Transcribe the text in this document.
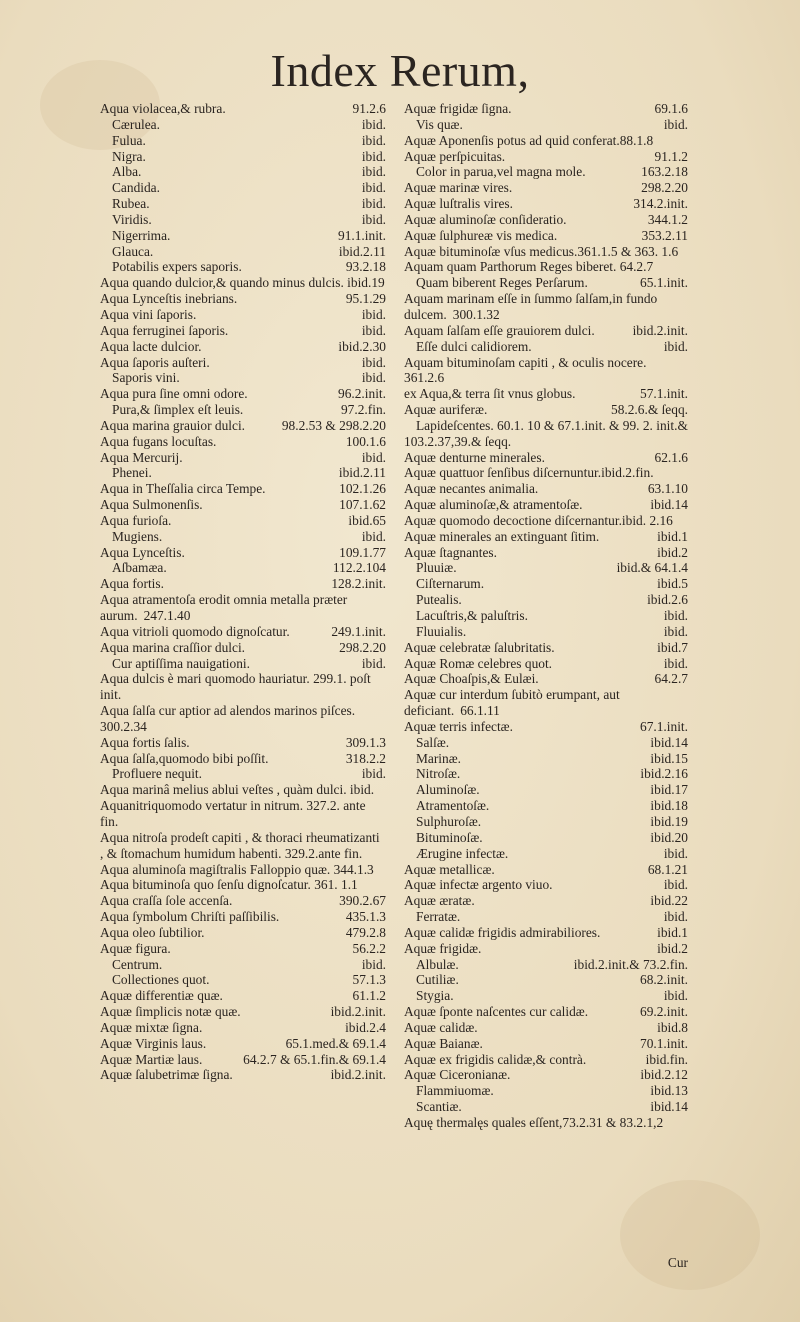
Index Rerum,
Aqua violacea,& rubra.	91.2.6
Cærulea.	ibid.
Fulua.	ibid.
Nigra.	ibid.
Alba.	ibid.
Candida.	ibid.
Rubea.	ibid.
Viridis.	ibid.
Nigerrima.	91.1.init.
Glauca.	ibid.2.11
Potabilis expers saporis.	93.2.18
Aqua quando dulcior,& quando minus dulcis. ibid.19
Aqua Lynceſtis inebrians.	95.1.29
Aqua vini ſaporis.	ibid.
Aqua ferruginei ſaporis.	ibid.
Aqua lacte dulcior.	ibid.2.30
Aqua ſaporis auſteri.	ibid.
Saporis vini.	ibid.
Aqua pura ſine omni odore.	96.2.init.
Pura,& ſimplex eſt leuis.	97.2.fin.
Aqua marina grauior dulci.	98.2.53 & 298.2.20
Aqua fugans locuſtas.	100.1.6
Aqua Mercurij.	ibid.
Phenei.	ibid.2.11
Aqua in Theſſalia circa Tempe.	102.1.26
Aqua Sulmonenſis.	107.1.62
Aqua furioſa.	ibid.65
Mugiens.	ibid.
Aqua Lynceſtis.	109.1.77
Aſbamæa.	112.2.104
Aqua fortis.	128.2.init.
Aqua atramentoſa erodit omnia metalla præter aurum. 247.1.40
Aqua vitrioli quomodo dignoſcatur.	249.1.init.
Aqua marina craſſior dulci.	298.2.20
Cur aptiſſima nauigationi.	ibid.
Aqua dulcis è mari quomodo hauriatur. 299.1. poſt init.
Aqua ſalſa cur aptior ad alendos marinos piſces. 300.2.34
Aqua fortis ſalis.	309.1.3
Aqua ſalſa,quomodo bibi poſſit.	318.2.2
Profluere nequit.	ibid.
Aqua marinâ melius ablui veſtes , quàm dulci. ibid.
Aquanitriquomodo vertatur in nitrum. 327.2. ante fin.
Aqua nitroſa prodeſt capiti , & thoraci rheumatizanti , & ſtomachum humidum habenti. 329.2.ante fin.
Aqua aluminoſa magiſtralis Falloppio quæ. 344.1.3
Aqua bituminoſa quo ſenſu dignoſcatur. 361. 1.1
Aqua craſſa ſole accenſa.	390.2.67
Aqua ſymbolum Chriſti paſſibilis.	435.1.3
Aqua oleo ſubtilior.	479.2.8
Aquæ figura.	56.2.2
Centrum.	ibid.
Collectiones quot.	57.1.3
Aquæ differentiæ quæ.	61.1.2
Aquæ ſimplicis notæ quæ.	ibid.2.init.
Aquæ mixtæ ſigna.	ibid.2.4
Aquæ Virginis laus.	65.1.med.& 69.1.4
Aquæ Martiæ laus.	64.2.7 & 65.1.fin.& 69.1.4
Aquæ ſalubetrimæ ſigna.	ibid.2.init.
Aquæ frigidæ ſigna.	69.1.6
Vis quæ.	ibid.
Aquæ Aponenſis potus ad quid conferat.88.1.8
Aquæ perſpicuitas.	91.1.2
Color in parua,vel magna mole.	163.2.18
Aquæ marinæ vires.	298.2.20
Aquæ luſtralis vires.	314.2.init.
Aquæ aluminoſæ conſideratio.	344.1.2
Aquæ ſulphureæ vis medica.	353.2.11
Aquæ bituminoſæ vſus medicus.361.1.5 & 363. 1.6
Aquam quam Parthorum Reges biberet. 64.2.7
Quam biberent Reges Perſarum.	65.1.init.
Aquam marinam eſſe in ſummo ſalſam,in fundo dulcem. 300.1.32
Aquam ſalſam eſſe grauiorem dulci.	ibid.2.init.
Eſſe dulci calidiorem.	ibid.
Aquam bituminoſam capiti , & oculis nocere. 361.2.6
ex Aqua,& terra ſit vnus globus.	57.1.init.
Aquæ auriferæ.	58.2.6.& ſeqq.
Lapideſcentes. 60.1. 10 & 67.1.init. & 99. 2. init.& 103.2.37,39.& ſeqq.
Aquæ denturne minerales.	62.1.6
Aquæ quattuor ſenſibus diſcernuntur.ibid.2.fin.
Aquæ necantes animalia.	63.1.10
Aquæ aluminoſæ,& atramentoſæ.	ibid.14
Aquæ quomodo decoctione diſcernantur.ibid. 2.16
Aquæ minerales an extinguant ſitim.	ibid.1
Aquæ ſtagnantes.	ibid.2
Pluuiæ.	ibid.& 64.1.4
Ciſternarum.	ibid.5
Putealis.	ibid.2.6
Lacuſtris,& paluſtris.	ibid.
Fluuialis.	ibid.
Aquæ celebratæ ſalubritatis.	ibid.7
Aquæ Romæ celebres quot.	ibid.
Aquæ Choaſpis,& Eulæi.	64.2.7
Aquæ cur interdum ſubitò erumpant, aut deficiant. 66.1.11
Aquæ terris infectæ.	67.1.init.
Salſæ.	ibid.14
Marinæ.	ibid.15
Nitroſæ.	ibid.2.16
Aluminoſæ.	ibid.17
Atramentoſæ.	ibid.18
Sulphuroſæ.	ibid.19
Bituminoſæ.	ibid.20
Ærugine infectæ.	ibid.
Aquæ metallicæ.	68.1.21
Aquæ infectæ argento viuo.	ibid.
Aquæ æratæ.	ibid.22
Ferratæ.	ibid.
Aquæ calidæ frigidis admirabiliores.	ibid.1
Aquæ frigidæ.	ibid.2
Albulæ.	ibid.2.init.& 73.2.fin.
Cutiliæ.	68.2.init.
Stygia.	ibid.
Aquæ ſponte naſcentes cur calidæ.	69.2.init.
Aquæ calidæ.	ibid.8
Aquæ Baianæ.	70.1.init.
Aquæ ex frigidis calidæ,& contrà.	ibid.fin.
Aquæ Ciceronianæ.	ibid.2.12
Flammiuomæ.	ibid.13
Scantiæ.	ibid.14
Aquę thermalęs quales eſſent,73.2.31 & 83.2.1,2
Cur
